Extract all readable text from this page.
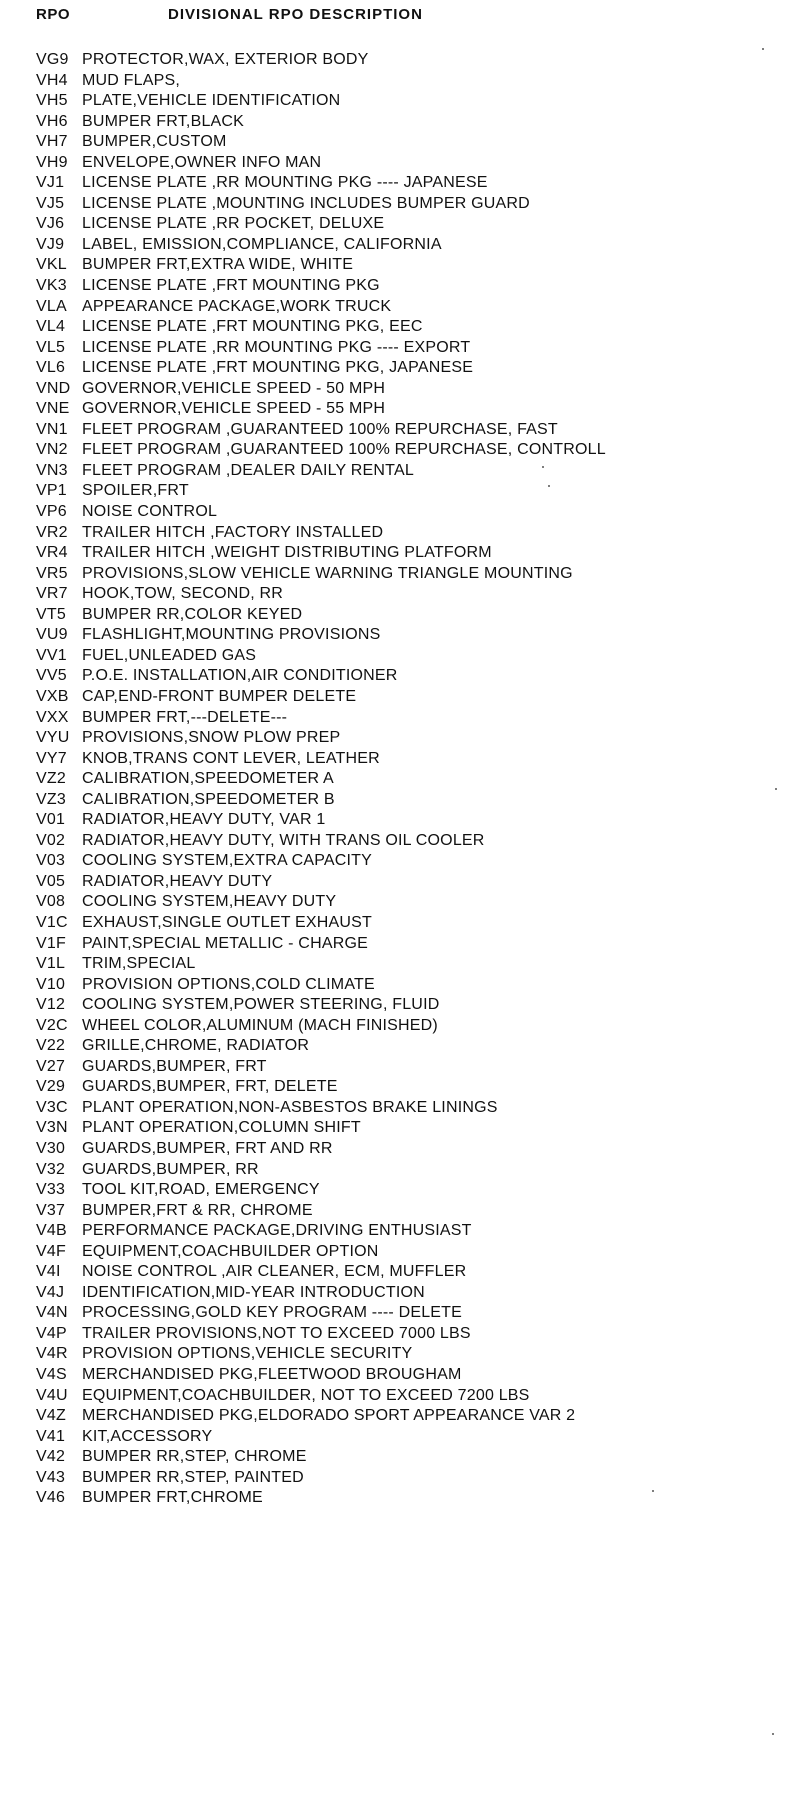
RPO	DIVISIONAL RPO DESCRIPTION
VG9 PROTECTOR,WAX, EXTERIOR BODY
VH4 MUD FLAPS,
VH5 PLATE,VEHICLE IDENTIFICATION
VH6 BUMPER FRT,BLACK
VH7 BUMPER,CUSTOM
VH9 ENVELOPE,OWNER INFO MAN
VJ1 LICENSE PLATE ,RR MOUNTING PKG ---- JAPANESE
VJ5 LICENSE PLATE ,MOUNTING INCLUDES BUMPER GUARD
VJ6 LICENSE PLATE ,RR POCKET, DELUXE
VJ9 LABEL, EMISSION,COMPLIANCE, CALIFORNIA
VKL BUMPER FRT,EXTRA WIDE, WHITE
VK3 LICENSE PLATE ,FRT MOUNTING PKG
VLA APPEARANCE PACKAGE,WORK TRUCK
VL4 LICENSE PLATE ,FRT MOUNTING PKG, EEC
VL5 LICENSE PLATE ,RR MOUNTING PKG ---- EXPORT
VL6 LICENSE PLATE ,FRT MOUNTING PKG, JAPANESE
VND GOVERNOR,VEHICLE SPEED - 50 MPH
VNE GOVERNOR,VEHICLE SPEED - 55 MPH
VN1 FLEET PROGRAM ,GUARANTEED 100% REPURCHASE, FAST
VN2 FLEET PROGRAM ,GUARANTEED 100% REPURCHASE, CONTROLL
VN3 FLEET PROGRAM ,DEALER DAILY RENTAL
VP1 SPOILER,FRT
VP6 NOISE CONTROL
VR2 TRAILER HITCH ,FACTORY INSTALLED
VR4 TRAILER HITCH ,WEIGHT DISTRIBUTING PLATFORM
VR5 PROVISIONS,SLOW VEHICLE WARNING TRIANGLE MOUNTING
VR7 HOOK,TOW, SECOND, RR
VT5 BUMPER RR,COLOR KEYED
VU9 FLASHLIGHT,MOUNTING PROVISIONS
VV1 FUEL,UNLEADED GAS
VV5 P.O.E. INSTALLATION,AIR CONDITIONER
VXB CAP,END-FRONT BUMPER DELETE
VXX BUMPER FRT,---DELETE---
VYU PROVISIONS,SNOW PLOW PREP
VY7 KNOB,TRANS CONT LEVER, LEATHER
VZ2 CALIBRATION,SPEEDOMETER A
VZ3 CALIBRATION,SPEEDOMETER B
V01 RADIATOR,HEAVY DUTY, VAR 1
V02 RADIATOR,HEAVY DUTY, WITH TRANS OIL COOLER
V03 COOLING SYSTEM,EXTRA CAPACITY
V05 RADIATOR,HEAVY DUTY
V08 COOLING SYSTEM,HEAVY DUTY
V1C EXHAUST,SINGLE OUTLET EXHAUST
V1F PAINT,SPECIAL METALLIC - CHARGE
V1L TRIM,SPECIAL
V10 PROVISION OPTIONS,COLD CLIMATE
V12 COOLING SYSTEM,POWER STEERING, FLUID
V2C WHEEL COLOR,ALUMINUM (MACH FINISHED)
V22 GRILLE,CHROME, RADIATOR
V27 GUARDS,BUMPER, FRT
V29 GUARDS,BUMPER, FRT, DELETE
V3C PLANT OPERATION,NON-ASBESTOS BRAKE LININGS
V3N PLANT OPERATION,COLUMN SHIFT
V30 GUARDS,BUMPER, FRT AND RR
V32 GUARDS,BUMPER, RR
V33 TOOL KIT,ROAD, EMERGENCY
V37 BUMPER,FRT & RR, CHROME
V4B PERFORMANCE PACKAGE,DRIVING ENTHUSIAST
V4F EQUIPMENT,COACHBUILDER OPTION
V4I NOISE CONTROL ,AIR CLEANER, ECM, MUFFLER
V4J IDENTIFICATION,MID-YEAR INTRODUCTION
V4N PROCESSING,GOLD KEY PROGRAM ---- DELETE
V4P TRAILER PROVISIONS,NOT TO EXCEED 7000 LBS
V4R PROVISION OPTIONS,VEHICLE SECURITY
V4S MERCHANDISED PKG,FLEETWOOD BROUGHAM
V4U EQUIPMENT,COACHBUILDER, NOT TO EXCEED 7200 LBS
V4Z MERCHANDISED PKG,ELDORADO SPORT APPEARANCE VAR 2
V41 KIT,ACCESSORY
V42 BUMPER RR,STEP, CHROME
V43 BUMPER RR,STEP, PAINTED
V46 BUMPER FRT,CHROME
